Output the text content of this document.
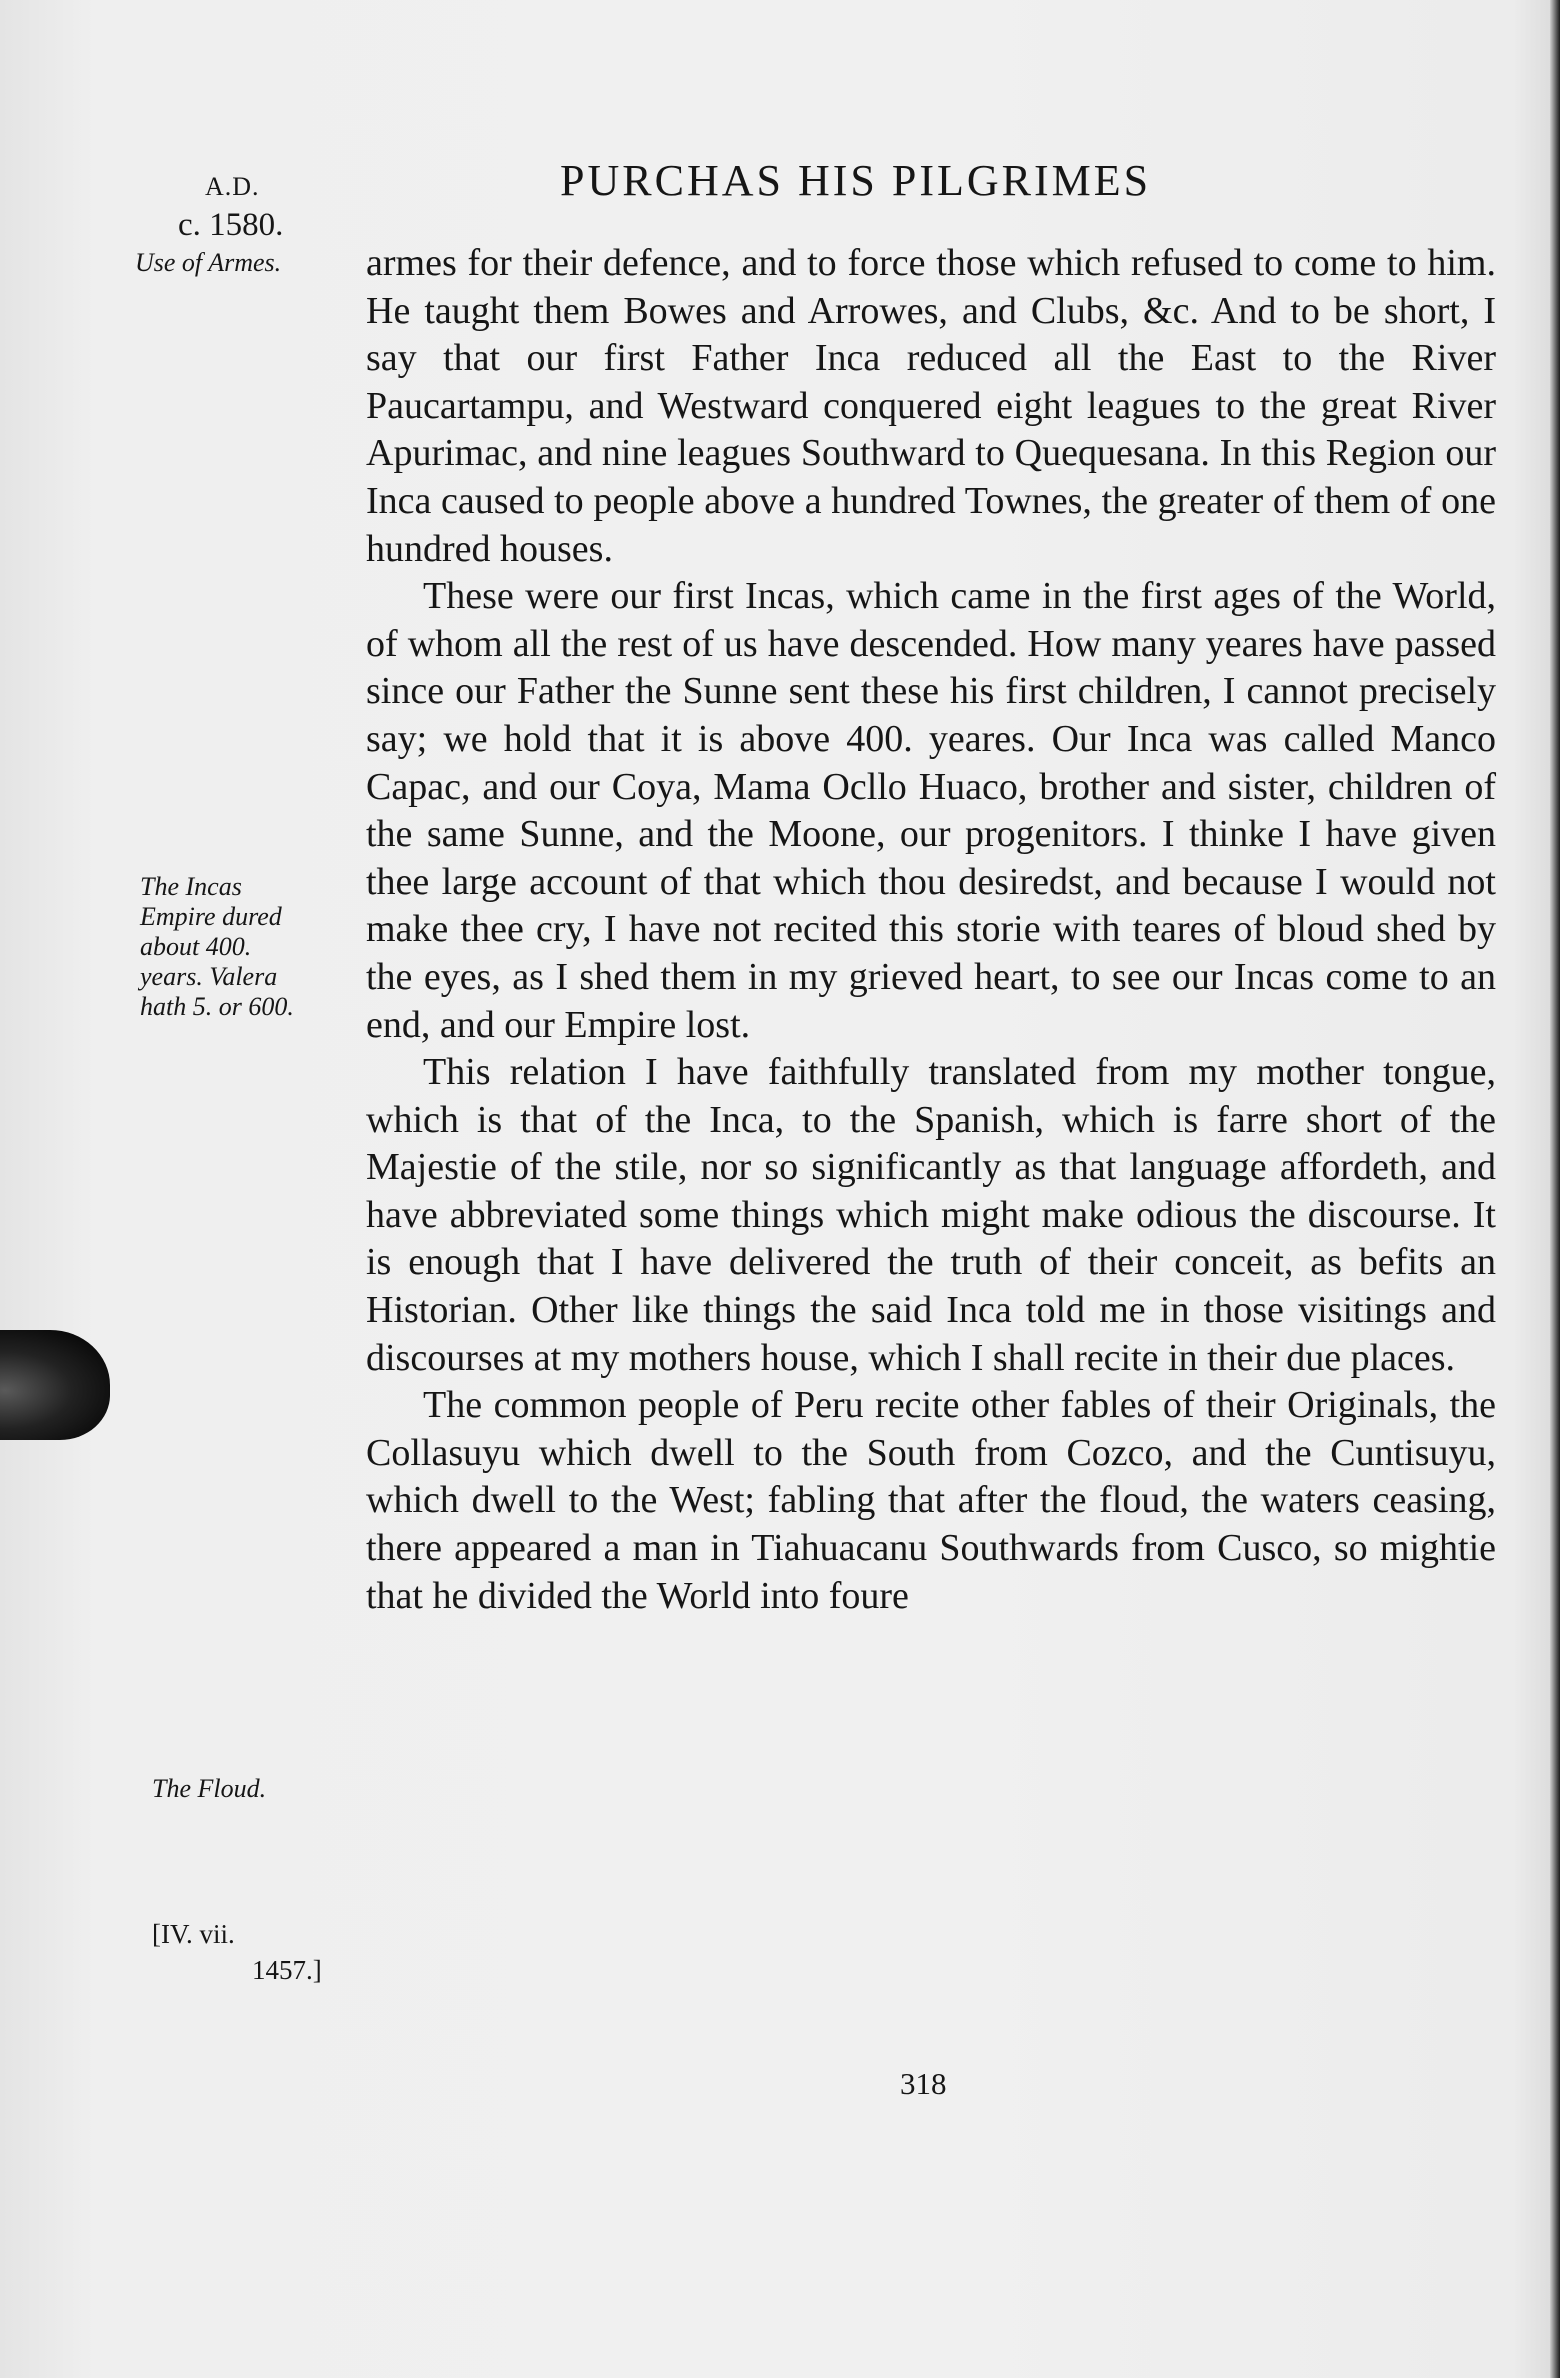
A.D.
c. 1580.
PURCHAS HIS PILGRIMES
Use of Armes.
The Incas
Empire dured
about 400.
years. Valera
hath 5. or 600.
The Floud.
[IV. vii.
1457.]

armes for their defence, and to force those which refused to come to him. He taught them Bowes and Arrowes, and Clubs, &c. And to be short, I say that our first Father Inca reduced all the East to the River Paucartampu, and Westward conquered eight leagues to the great River Apurimac, and nine leagues Southward to Quequesana. In this Region our Inca caused to people above a hundred Townes, the greater of them of one hundred houses.

These were our first Incas, which came in the first ages of the World, of whom all the rest of us have descended. How many yeares have passed since our Father the Sunne sent these his first children, I cannot precisely say; we hold that it is above 400. yeares. Our Inca was called Manco Capac, and our Coya, Mama Ocllo Huaco, brother and sister, children of the same Sunne, and the Moone, our progenitors. I thinke I have given thee large account of that which thou desiredst, and because I would not make thee cry, I have not recited this storie with teares of bloud shed by the eyes, as I shed them in my grieved heart, to see our Incas come to an end, and our Empire lost.

This relation I have faithfully translated from my mother tongue, which is that of the Inca, to the Spanish, which is farre short of the Majestie of the stile, nor so significantly as that language affordeth, and have abbreviated some things which might make odious the discourse. It is enough that I have delivered the truth of their conceit, as befits an Historian. Other like things the said Inca told me in those visitings and discourses at my mothers house, which I shall recite in their due places.

The common people of Peru recite other fables of their Originals, the Collasuyu which dwell to the South from Cozco, and the Cuntisuyu, which dwell to the West; fabling that after the floud, the waters ceasing, there appeared a man in Tiahuacanu Southwards from Cusco, so mightie that he divided the World into foure

318
